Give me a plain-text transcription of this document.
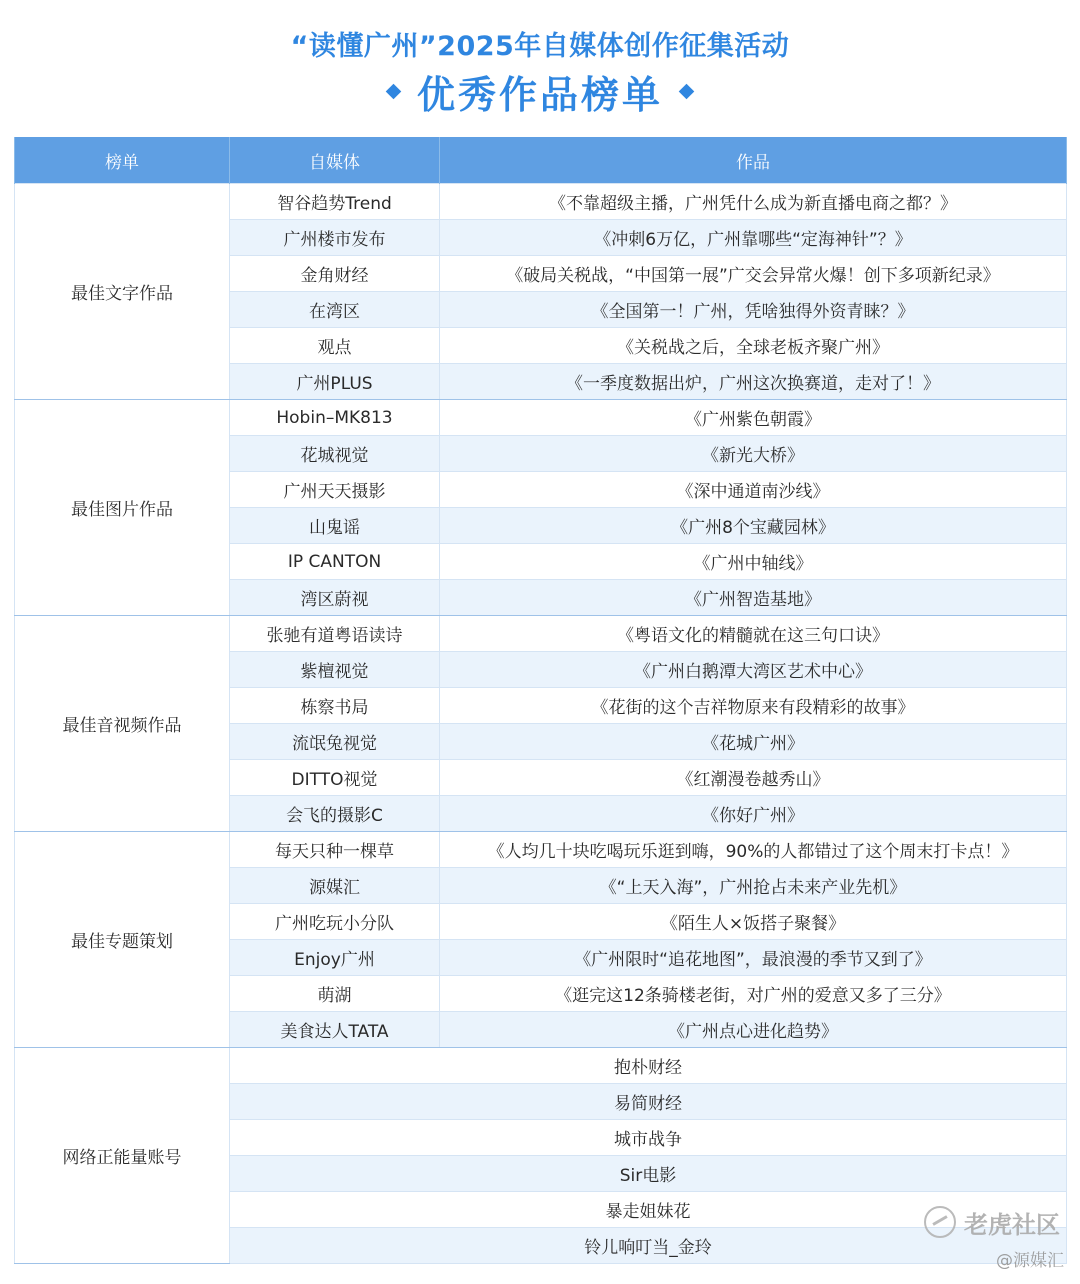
“读懂广州”2025年自媒体创作征集活动
优秀作品榜单
榜单	自媒体	作品
最佳文字作品	智谷趋势Trend	《不靠超级主播，广州凭什么成为新直播电商之都？》
	广州楼市发布	《冲刺6万亿，广州靠哪些“定海神针”？》
	金角财经	《破局关税战，“中国第一展”广交会异常火爆！创下多项新纪录》
	在湾区	《全国第一！广州，凭啥独得外资青睐？》
	观点	《关税战之后，全球老板齐聚广州》
	广州PLUS	《一季度数据出炉，广州这次换赛道，走对了！》
最佳图片作品	Hobin–MK813	《广州紫色朝霞》
	花城视觉	《新光大桥》
	广州天天摄影	《深中通道南沙线》
	山鬼谣	《广州8个宝藏园林》
	IP CANTON	《广州中轴线》
	湾区蔚视	《广州智造基地》
最佳音视频作品	张驰有道粤语读诗	《粤语文化的精髓就在这三句口诀》
	紫檀视觉	《广州白鹅潭大湾区艺术中心》
	栋察书局	《花街的这个吉祥物原来有段精彩的故事》
	流氓兔视觉	《花城广州》
	DITTO视觉	《红潮漫卷越秀山》
	会飞的摄影C	《你好广州》
最佳专题策划	每天只种一棵草	《人均几十块吃喝玩乐逛到嗨，90%的人都错过了这个周末打卡点！》
	源媒汇	《“上天入海”，广州抢占未来产业先机》
	广州吃玩小分队	《陌生人×饭搭子聚餐》
	Enjoy广州	《广州限时“追花地图”，最浪漫的季节又到了》
	萌湖	《逛完这12条骑楼老街，对广州的爱意又多了三分》
	美食达人TATA	《广州点心进化趋势》
网络正能量账号	抱朴财经	
	易简财经	
	城市战争	
	Sir电影	
	暴走姐妹花	
	铃儿响叮当_金玲	
老虎社区
@源媒汇
